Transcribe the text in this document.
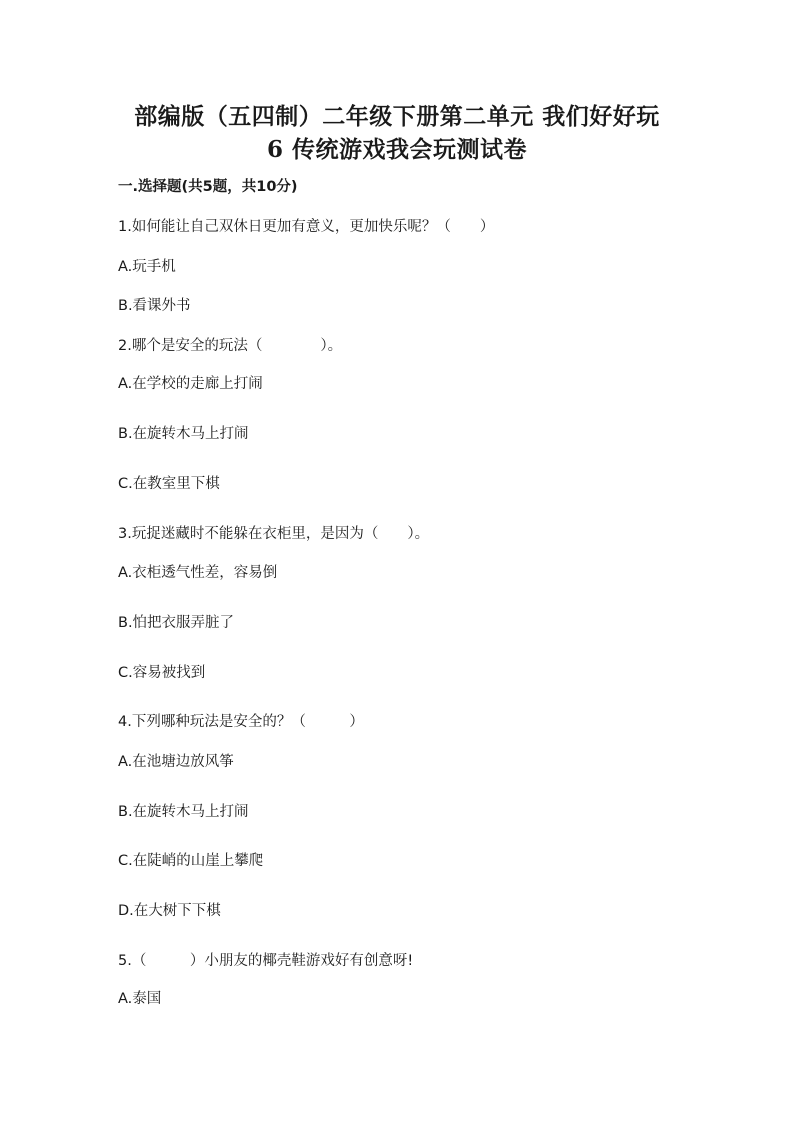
部编版（五四制）二年级下册第二单元 我们好好玩
6 传统游戏我会玩测试卷
一.选择题(共5题，共10分)
1.如何能让自己双休日更加有意义，更加快乐呢？（　　）
A.玩手机
B.看课外书
2.哪个是安全的玩法（　　　　）。
A.在学校的走廊上打闹
B.在旋转木马上打闹
C.在教室里下棋
3.玩捉迷藏时不能躲在衣柜里，是因为（　　）。
A.衣柜透气性差，容易倒
B.怕把衣服弄脏了
C.容易被找到
4.下列哪种玩法是安全的？（　　　）
A.在池塘边放风筝
B.在旋转木马上打闹
C.在陡峭的山崖上攀爬
D.在大树下下棋
5.（　　　）小朋友的椰壳鞋游戏好有创意呀!
A.泰国
